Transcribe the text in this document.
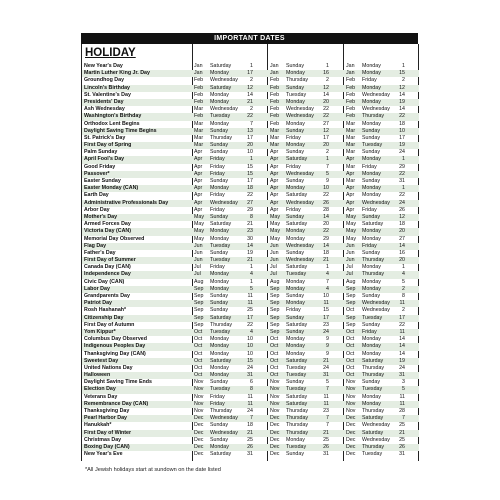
IMPORTANT DATES
HOLIDAY
New Year's Day	Jan Saturday	1	Jan Sunday	1	Jan Monday	1
Martin Luther King Jr. Day	Jan Monday	17	Jan Monday	16	Jan Monday	15
Groundhog Day	Feb Wednesday	2	Feb Thursday	2	Feb Friday	2
Lincoln's Birthday	Feb Saturday	12	Feb Sunday	12	Feb Monday	12
St. Valentine's Day	Feb Monday	14	Feb Tuesday	14	Feb Wednesday	14
Presidents' Day	Feb Monday	21	Feb Monday	20	Feb Monday	19
Ash Wednesday	Mar Wednesday	2	Feb Wednesday	22	Feb Wednesday	14
Washington's Birthday	Feb Tuesday	22	Feb Wednesday	22	Feb Thursday	22
Orthodox Lent Begins	Mar Monday	7	Feb Monday	27	Mar Monday	18
Daylight Saving Time Begins	Mar Sunday	13	Mar Sunday	12	Mar Sunday	10
St. Patrick's Day	Mar Thursday	17	Mar Friday	17	Mar Sunday	17
First Day of Spring	Mar Sunday	20	Mar Monday	20	Mar Tuesday	19
Palm Sunday	Apr Sunday	10	Apr Sunday	2	Mar Sunday	24
April Fool's Day	Apr Friday	1	Apr Saturday	1	Apr Monday	1
Good Friday	Apr Friday	15	Apr Friday	7	Mar Friday	29
Passover*	Apr Friday	15	Apr Wednesday	5	Apr Monday	22
Easter Sunday	Apr Sunday	17	Apr Sunday	9	Mar Sunday	31
Easter Monday (CAN)	Apr Monday	18	Apr Monday	10	Apr Monday	1
Earth Day	Apr Friday	22	Apr Saturday	22	Apr Monday	22
Administrative Professionals Day	Apr Wednesday	27	Apr Wednesday	26	Apr Wednesday	24
Arbor Day	Apr Friday	29	Apr Friday	28	Apr Friday	26
Mother's Day	May Sunday	8	May Sunday	14	May Sunday	12
Armed Forces Day	May Saturday	21	May Saturday	20	May Saturday	18
Victoria Day (CAN)	May Monday	23	May Monday	22	May Monday	20
Memorial Day Observed	May Monday	30	May Monday	29	May Monday	27
Flag Day	Jun Tuesday	14	Jun Wednesday	14	Jun Friday	14
Father's Day	Jun Sunday	19	Jun Sunday	18	Jun Sunday	16
First Day of Summer	Jun Tuesday	21	Jun Wednesday	21	Jun Thursday	20
Canada Day (CAN)	Jul Friday	1	Jul Saturday	1	Jul Monday	1
Independence Day	Jul Monday	4	Jul Tuesday	4	Jul Thursday	4
Civic Day (CAN)	Aug Monday	1	Aug Monday	7	Aug Monday	5
Labor Day	Sep Monday	5	Sep Monday	4	Sep Monday	2
Grandparents Day	Sep Sunday	11	Sep Sunday	10	Sep Sunday	8
Patriot Day	Sep Sunday	11	Sep Monday	11	Sep Wednesday	11
Rosh Hashanah*	Sep Sunday	25	Sep Friday	15	Oct Wednesday	2
Citizenship Day	Sep Saturday	17	Sep Sunday	17	Sep Tuesday	17
First Day of Autumn	Sep Thursday	22	Sep Saturday	23	Sep Sunday	22
Yom Kippur*	Oct Tuesday	4	Sep Sunday	24	Oct Friday	11
Columbus Day Observed	Oct Monday	10	Oct Monday	9	Oct Monday	14
Indigenous Peoples Day	Oct Monday	10	Oct Monday	9	Oct Monday	14
Thanksgiving Day (CAN)	Oct Monday	10	Oct Monday	9	Oct Monday	14
Sweetest Day	Oct Saturday	15	Oct Saturday	21	Oct Saturday	19
United Nations Day	Oct Monday	24	Oct Tuesday	24	Oct Thursday	24
Halloween	Oct Monday	31	Oct Tuesday	31	Oct Thursday	31
Daylight Saving Time Ends	Nov Sunday	6	Nov Sunday	5	Nov Sunday	3
Election Day	Nov Tuesday	8	Nov Tuesday	7	Nov Tuesday	5
Veterans Day	Nov Friday	11	Nov Saturday	11	Nov Monday	11
Remembrance Day (CAN)	Nov Friday	11	Nov Saturday	11	Nov Monday	11
Thanksgiving Day	Nov Thursday	24	Nov Thursday	23	Nov Thursday	28
Pearl Harbor Day	Dec Wednesday	7	Dec Thursday	7	Dec Saturday	7
Hanukkah*	Dec Sunday	18	Dec Thursday	7	Dec Wednesday	25
First Day of Winter	Dec Wednesday	21	Dec Thursday	21	Dec Saturday	21
Christmas Day	Dec Sunday	25	Dec Monday	25	Dec Wednesday	25
Boxing Day (CAN)	Dec Monday	26	Dec Tuesday	26	Dec Thursday	26
New Year's Eve	Dec Saturday	31	Dec Sunday	31	Dec Tuesday	31
*All Jewish holidays start at sundown on the date listed
